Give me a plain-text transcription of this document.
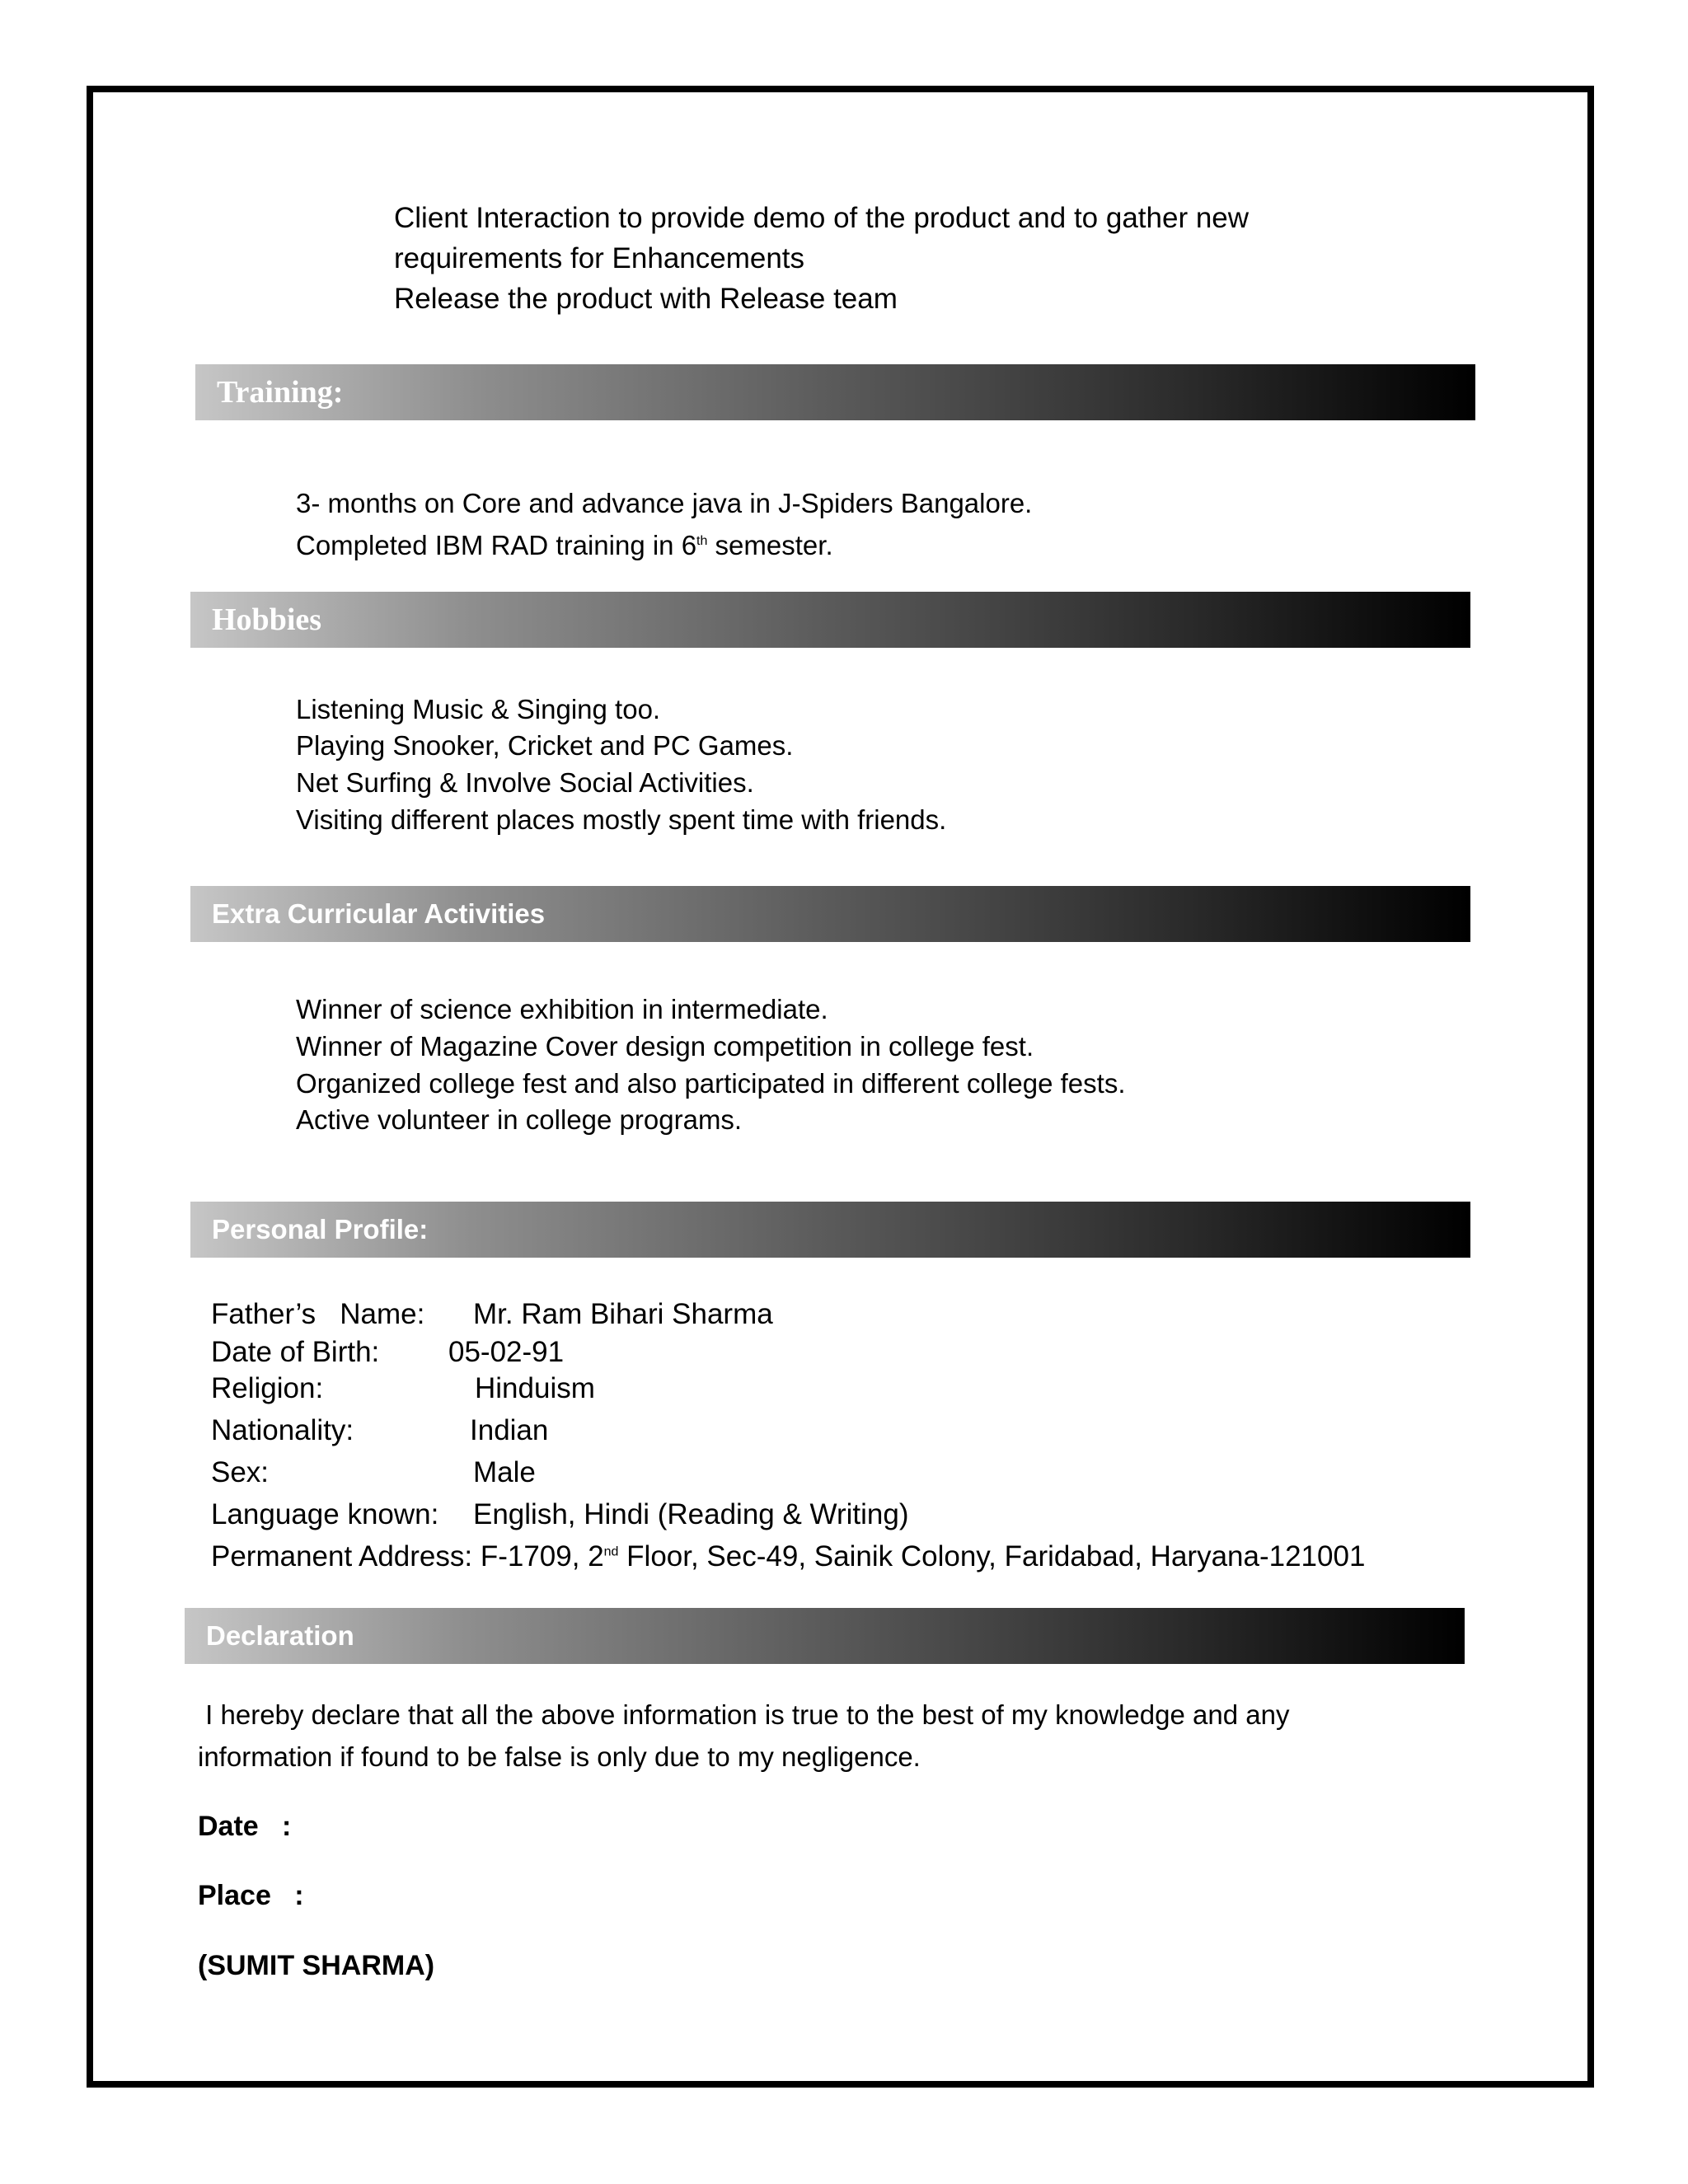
Client Interaction to provide demo of the product and to gather new
requirements for Enhancements
Release the product with Release team
Training:
3- months on Core and advance java in J-Spiders Bangalore.
Completed IBM RAD training in 6th semester.
Hobbies
Listening Music & Singing too.
Playing Snooker, Cricket and PC Games.
Net Surfing & Involve Social Activities.
Visiting different places mostly spent time with friends.
Extra Curricular Activities
Winner of science exhibition in intermediate.
Winner of Magazine Cover design competition in college fest.
Organized college fest and also participated in different college fests.
Active volunteer in college programs.
Personal Profile:
Father’s   Name: Mr. Ram Bihari Sharma
Date of Birth: 05-02-91
Religion:	Hinduism
Nationality:	Indian
Sex:	Male
Language known: English, Hindi (Reading & Writing)
Permanent Address: F-1709, 2nd Floor, Sec-49, Sainik Colony, Faridabad, Haryana-121001
Declaration
I hereby declare that all the above information is true to the best of my knowledge and any
information if found to be false is only due to my negligence.
Date   :
Place   :
(SUMIT SHARMA)
